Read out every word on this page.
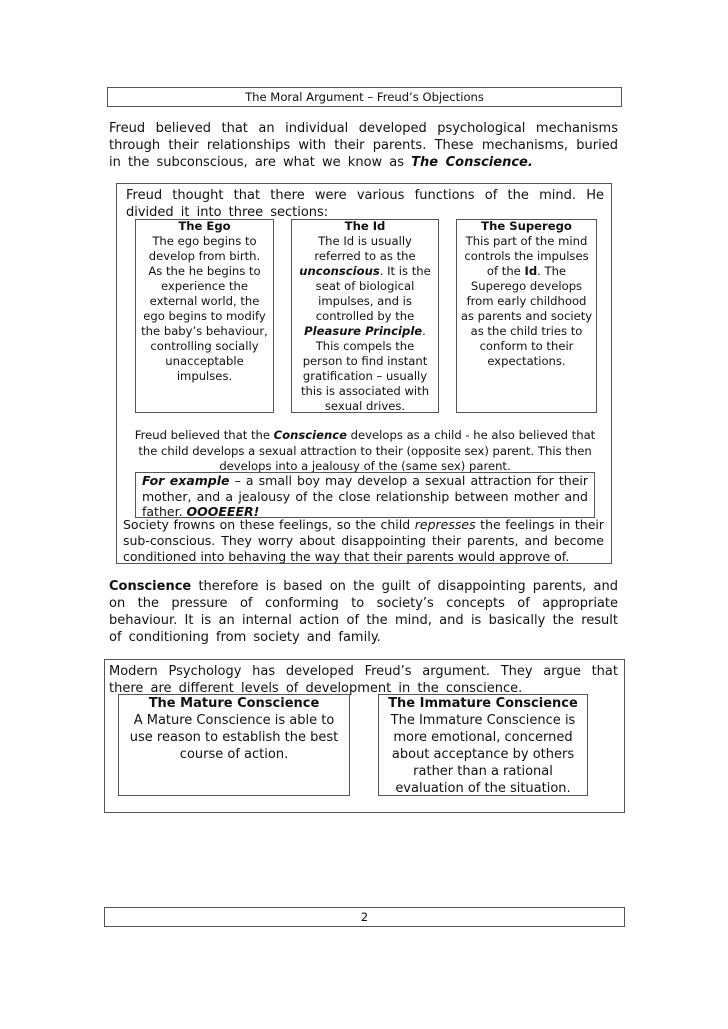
The Moral Argument – Freud’s Objections
Freud believed that an individual developed psychological mechanisms through their relationships with their parents. These mechanisms, buried in the subconscious, are what we know as The Conscience.
Freud thought that there were various functions of the mind. He divided it into three sections:

The Ego

The ego begins to develop from birth. As the he begins to experience the external world, the ego begins to modify the baby’s behaviour, controlling socially unacceptable impulses.

The Id

The Id is usually referred to as the unconscious. It is the seat of biological impulses, and is controlled by the Pleasure Principle. This compels the person to find instant gratification – usually this is associated with sexual drives.

The Superego

This part of the mind controls the impulses of the Id. The Superego develops from early childhood as parents and society as the child tries to conform to their expectations.

Freud believed that the Conscience develops as a child - he also believed that the child develops a sexual attraction to their (opposite sex) parent. This then develops into a jealousy of the (same sex) parent.
For example – a small boy may develop a sexual attraction for their mother, and a jealousy of the close relationship between mother and father. OOOEEER!
Society frowns on these feelings, so the child represses the feelings in their sub-conscious. They worry about disappointing their parents, and become conditioned into behaving the way that their parents would approve of.
Conscience therefore is based on the guilt of disappointing parents, and on the pressure of conforming to society’s concepts of appropriate behaviour. It is an internal action of the mind, and is basically the result of conditioning from society and family.
Modern Psychology has developed Freud’s argument. They argue that there are different levels of development in the conscience.

The Mature Conscience

A Mature Conscience is able to use reason to establish the best course of action.

The Immature Conscience

The Immature Conscience is more emotional, concerned about acceptance by others rather than a rational evaluation of the situation.

2
